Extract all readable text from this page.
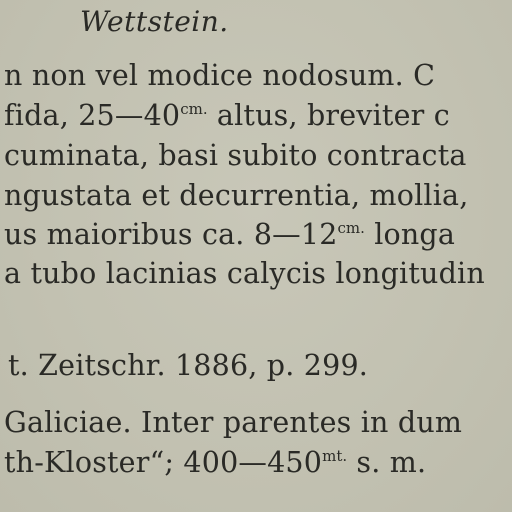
Wettstein.
n non vel modice nodosum. C
fida, $25—40^{cm.}$ altus, breviter c
cuminata, basi subito contracta
ngustata et decurrentia, mollia,
us maioribus ca. $8—12^{cm.}$ longa
a tubo lacinias calycis longitudin
t. Zeitschr. 1886, p. 299.
Galiciae. Inter parentes in dum
th-Kloster“; $400—450^{mt.}$ s. m.
